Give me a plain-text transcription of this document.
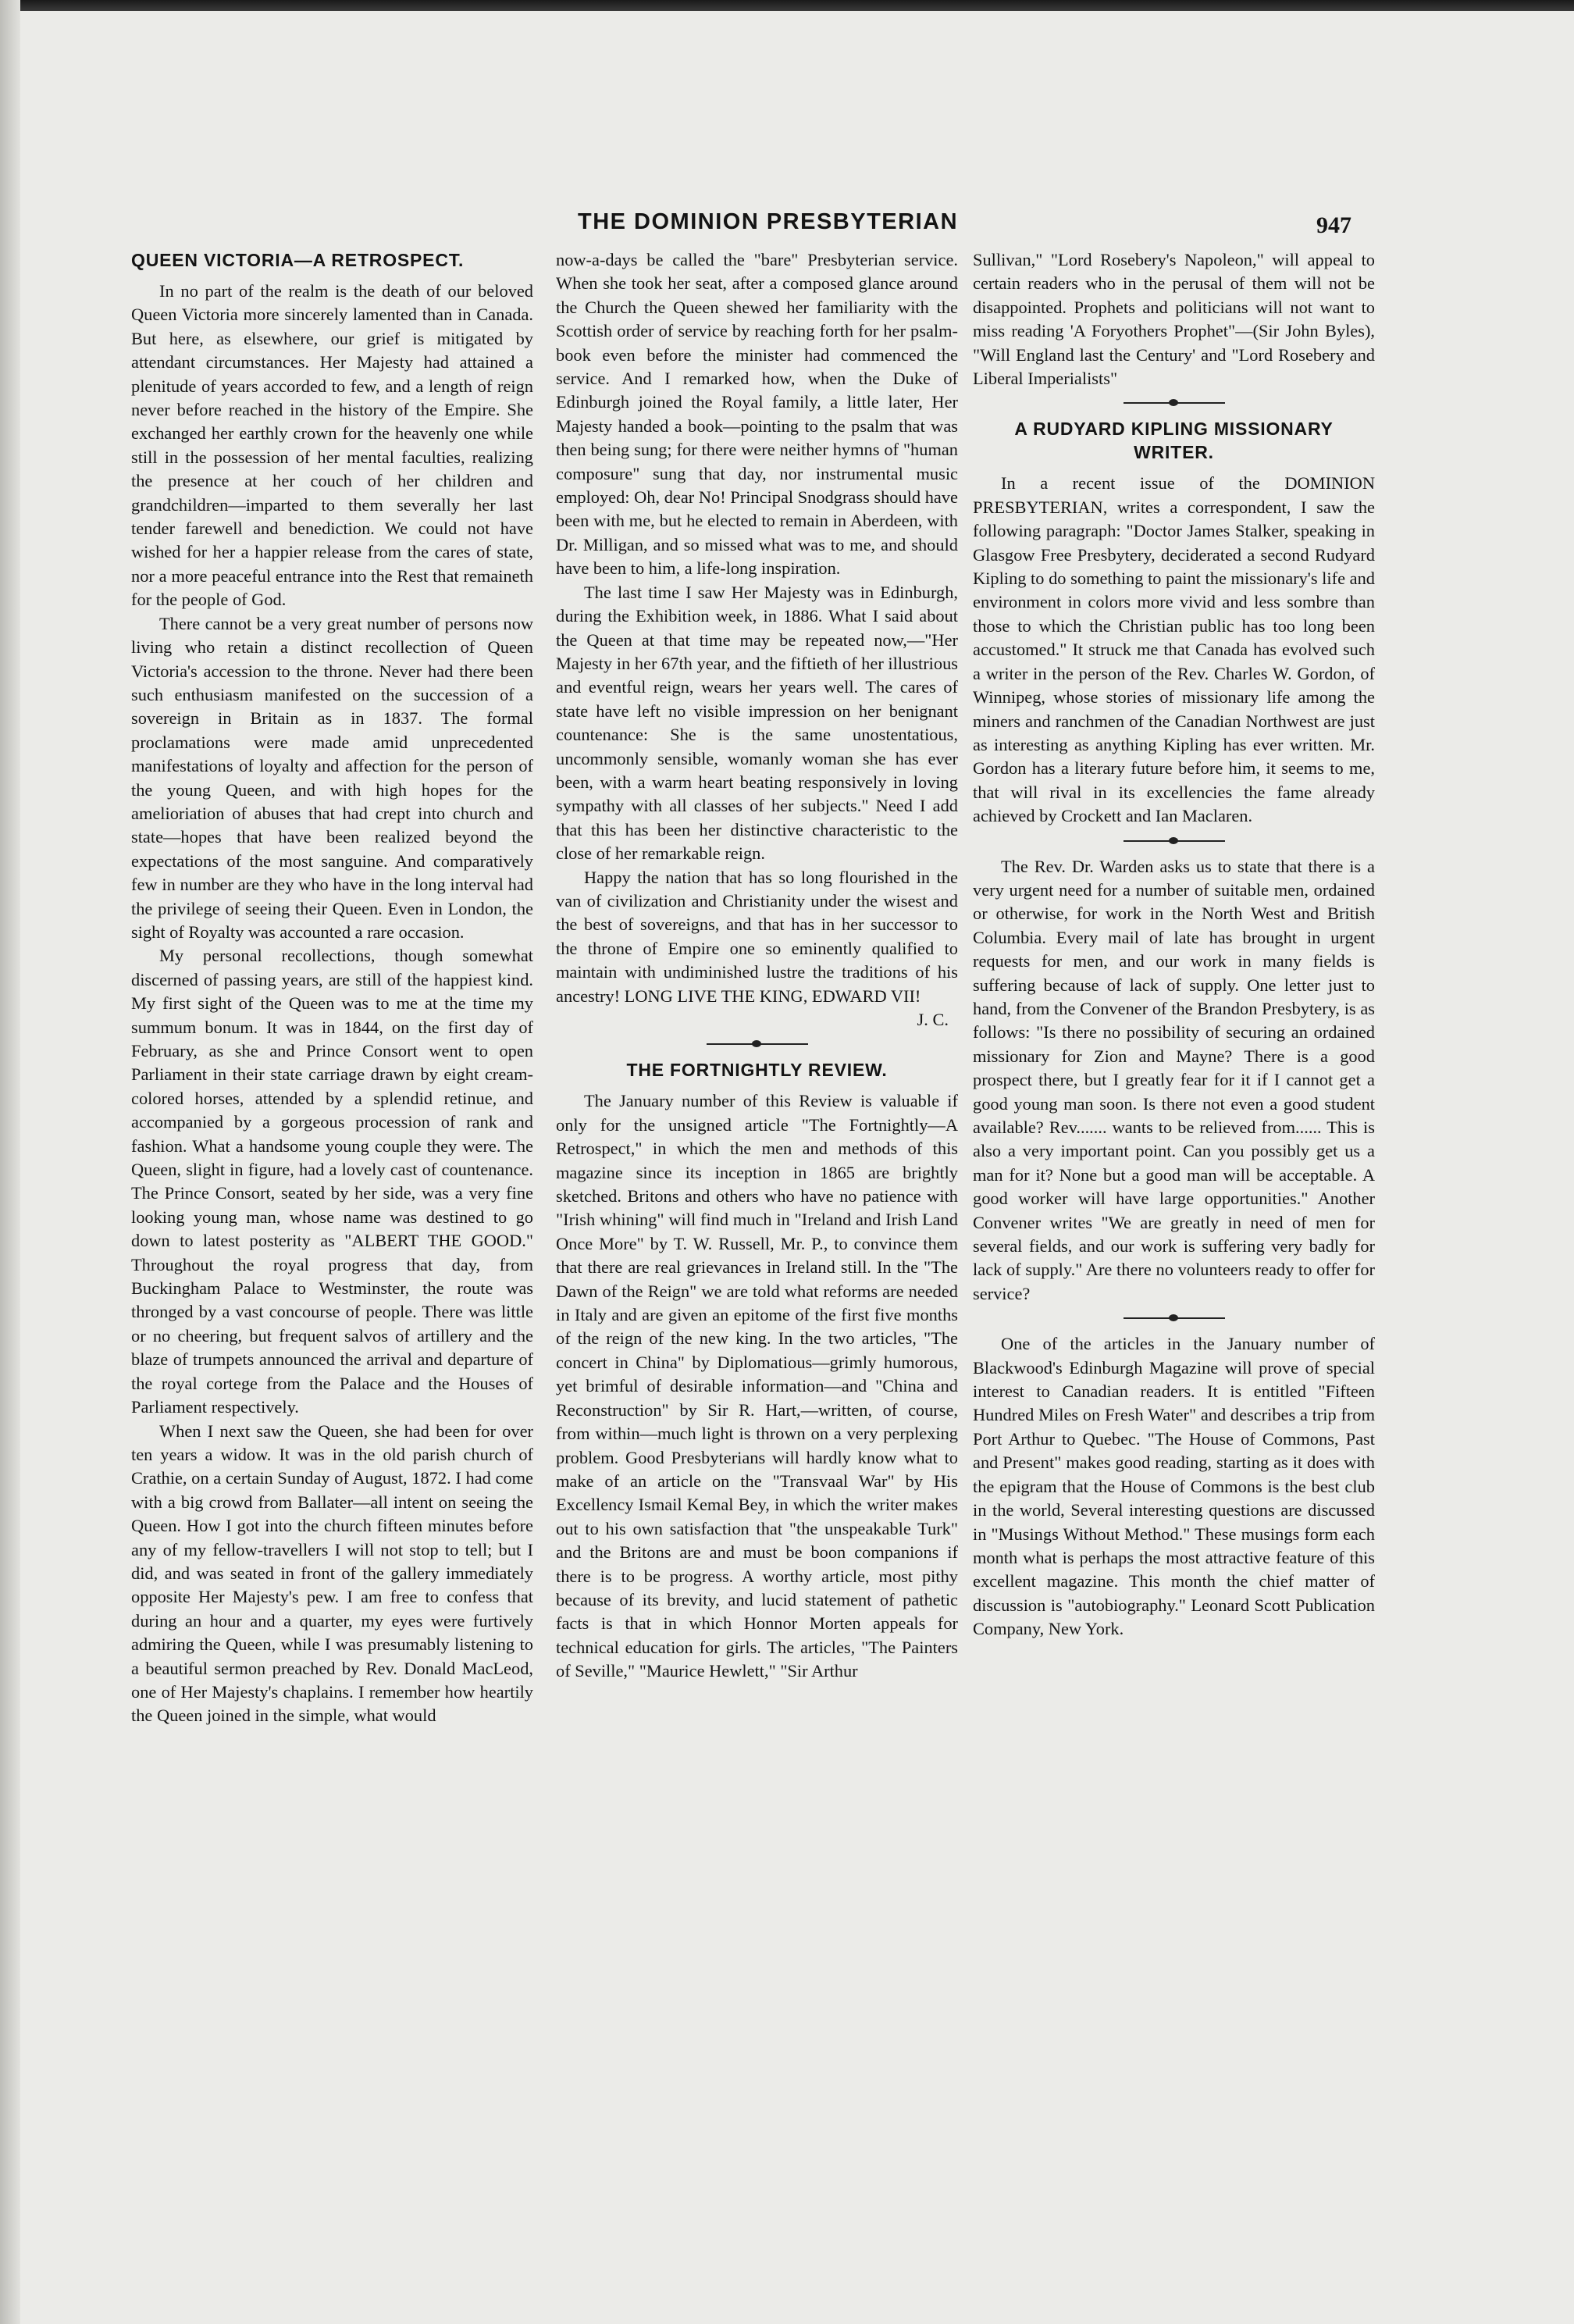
THE DOMINION PRESBYTERIAN	947
QUEEN VICTORIA—A RETROSPECT.

In no part of the realm is the death of our beloved Queen Victoria more sincerely lamented than in Canada. But here, as elsewhere, our grief is mitigated by attendant circumstances. Her Majesty had attained a plenitude of years accorded to few, and a length of reign never before reached in the history of the Empire. She exchanged her earthly crown for the heavenly one while still in the possession of her mental faculties, realizing the presence at her couch of her children and grandchildren—imparted to them severally her last tender farewell and benediction. We could not have wished for her a happier release from the cares of state, nor a more peaceful entrance into the Rest that remaineth for the people of God.

There cannot be a very great number of persons now living who retain a distinct recollection of Queen Victoria's accession to the throne. Never had there been such enthusiasm manifested on the succession of a sovereign in Britain as in 1837. The formal proclamations were made amid unprecedented manifestations of loyalty and affection for the person of the young Queen, and with high hopes for the amelioriation of abuses that had crept into church and state—hopes that have been realized beyond the expectations of the most sanguine. And comparatively few in number are they who have in the long interval had the privilege of seeing their Queen. Even in London, the sight of Royalty was accounted a rare occasion.

My personal recollections, though somewhat discerned of passing years, are still of the happiest kind. My first sight of the Queen was to me at the time my summum bonum. It was in 1844, on the first day of February, as she and Prince Consort went to open Parliament in their state carriage drawn by eight cream-colored horses, attended by a splendid retinue, and accompanied by a gorgeous procession of rank and fashion. What a handsome young couple they were. The Queen, slight in figure, had a lovely cast of countenance. The Prince Consort, seated by her side, was a very fine looking young man, whose name was destined to go down to latest posterity as "ALBERT THE GOOD." Throughout the royal progress that day, from Buckingham Palace to Westminster, the route was thronged by a vast concourse of people. There was little or no cheering, but frequent salvos of artillery and the blaze of trumpets announced the arrival and departure of the royal cortege from the Palace and the Houses of Parliament respectively.

When I next saw the Queen, she had been for over ten years a widow. It was in the old parish church of Crathie, on a certain Sunday of August, 1872. I had come with a big crowd from Ballater—all intent on seeing the Queen. How I got into the church fifteen minutes before any of my fellow-travellers I will not stop to tell; but I did, and was seated in front of the gallery immediately opposite Her Majesty's pew. I am free to confess that during an hour and a quarter, my eyes were furtively admiring the Queen, while I was presumably listening to a beautiful sermon preached by Rev. Donald MacLeod, one of Her Majesty's chaplains. I remember how heartily the Queen joined in the simple, what would

now-a-days be called the "bare" Presbyterian service. When she took her seat, after a composed glance around the Church the Queen shewed her familiarity with the Scottish order of service by reaching forth for her psalm-book even before the minister had commenced the service. And I remarked how, when the Duke of Edinburgh joined the Royal family, a little later, Her Majesty handed a book—pointing to the psalm that was then being sung; for there were neither hymns of "human composure" sung that day, nor instrumental music employed: Oh, dear No! Principal Snodgrass should have been with me, but he elected to remain in Aberdeen, with Dr. Milligan, and so missed what was to me, and should have been to him, a life-long inspiration.

The last time I saw Her Majesty was in Edinburgh, during the Exhibition week, in 1886. What I said about the Queen at that time may be repeated now,—"Her Majesty in her 67th year, and the fiftieth of her illustrious and eventful reign, wears her years well. The cares of state have left no visible impression on her benignant countenance: She is the same unostentatious, uncommonly sensible, womanly woman she has ever been, with a warm heart beating responsively in loving sympathy with all classes of her subjects." Need I add that this has been her distinctive characteristic to the close of her remarkable reign.

Happy the nation that has so long flourished in the van of civilization and Christianity under the wisest and the best of sovereigns, and that has in her successor to the throne of Empire one so eminently qualified to maintain with undiminished lustre the traditions of his ancestry! LONG LIVE THE KING, EDWARD VII!

J. C.

THE FORTNIGHTLY REVIEW.

The January number of this Review is valuable if only for the unsigned article "The Fortnightly—A Retrospect," in which the men and methods of this magazine since its inception in 1865 are brightly sketched. Britons and others who have no patience with "Irish whining" will find much in "Ireland and Irish Land Once More" by T. W. Russell, Mr. P., to convince them that there are real grievances in Ireland still. In the "The Dawn of the Reign" we are told what reforms are needed in Italy and are given an epitome of the first five months of the reign of the new king. In the two articles, "The concert in China" by Diplomatious—grimly humorous, yet brimful of desirable information—and "China and Reconstruction" by Sir R. Hart,—written, of course, from within—much light is thrown on a very perplexing problem. Good Presbyterians will hardly know what to make of an article on the "Transvaal War" by His Excellency Ismail Kemal Bey, in which the writer makes out to his own satisfaction that "the unspeakable Turk" and the Britons are and must be boon companions if there is to be progress. A worthy article, most pithy because of its brevity, and lucid statement of pathetic facts is that in which Honnor Morten appeals for technical education for girls. The articles, "The Painters of Seville," "Maurice Hewlett," "Sir Arthur

Sullivan," "Lord Rosebery's Napoleon," will appeal to certain readers who in the perusal of them will not be disappointed. Prophets and politicians will not want to miss reading 'A Foryothers Prophet"—(Sir John Byles), "Will England last the Century' and "Lord Rosebery and Liberal Imperialists"

A RUDYARD KIPLING MISSIONARY WRITER.

In a recent issue of the DOMINION PRESBYTERIAN, writes a correspondent, I saw the following paragraph: "Doctor James Stalker, speaking in Glasgow Free Presbytery, deciderated a second Rudyard Kipling to do something to paint the missionary's life and environment in colors more vivid and less sombre than those to which the Christian public has too long been accustomed." It struck me that Canada has evolved such a writer in the person of the Rev. Charles W. Gordon, of Winnipeg, whose stories of missionary life among the miners and ranchmen of the Canadian Northwest are just as interesting as anything Kipling has ever written. Mr. Gordon has a literary future before him, it seems to me, that will rival in its excellencies the fame already achieved by Crockett and Ian Maclaren.

The Rev. Dr. Warden asks us to state that there is a very urgent need for a number of suitable men, ordained or otherwise, for work in the North West and British Columbia. Every mail of late has brought in urgent requests for men, and our work in many fields is suffering because of lack of supply. One letter just to hand, from the Convener of the Brandon Presbytery, is as follows: "Is there no possibility of securing an ordained missionary for Zion and Mayne? There is a good prospect there, but I greatly fear for it if I cannot get a good young man soon. Is there not even a good student available? Rev....... wants to be relieved from...... This is also a very important point. Can you possibly get us a man for it? None but a good man will be acceptable. A good worker will have large opportunities." Another Convener writes "We are greatly in need of men for several fields, and our work is suffering very badly for lack of supply." Are there no volunteers ready to offer for service?

One of the articles in the January number of Blackwood's Edinburgh Magazine will prove of special interest to Canadian readers. It is entitled "Fifteen Hundred Miles on Fresh Water" and describes a trip from Port Arthur to Quebec. "The House of Commons, Past and Present" makes good reading, starting as it does with the epigram that the House of Commons is the best club in the world, Several interesting questions are discussed in "Musings Without Method." These musings form each month what is perhaps the most attractive feature of this excellent magazine. This month the chief matter of discussion is "autobiography." Leonard Scott Publication Company, New York.
